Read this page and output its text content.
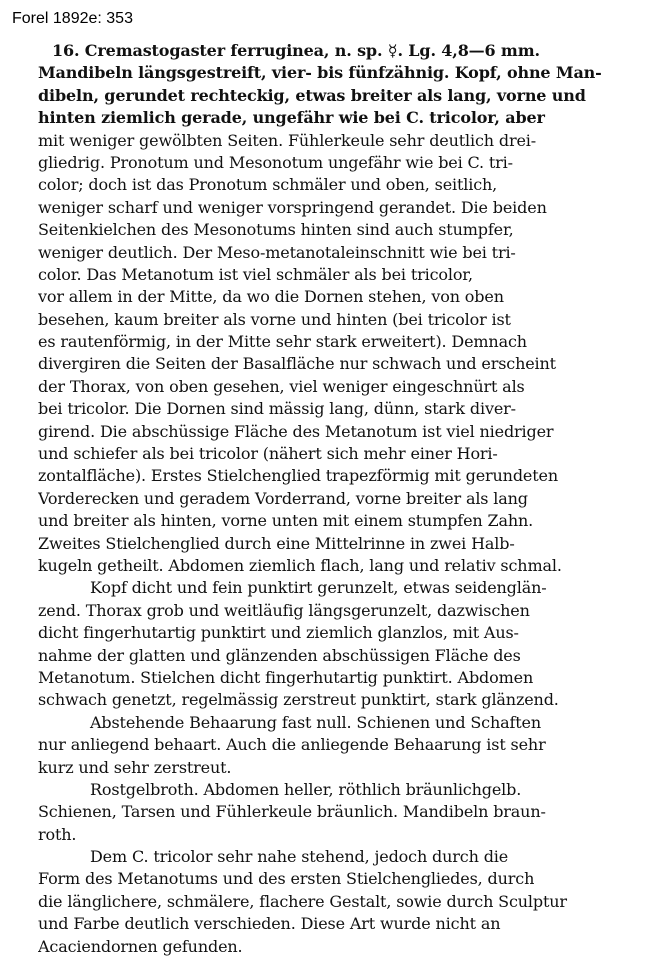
Forel 1892e: 353
16. Cremastogaster ferruginea, n. sp. ☿. Lg. 4,8—6 mm.
Mandibeln längsgestreift, vier- bis fünfzähnig. Kopf, ohne Man-
dibeln, gerundet rechteckig, etwas breiter als lang, vorne und
hinten ziemlich gerade, ungefähr wie bei C. tricolor, aber
mit weniger gewölbten Seiten. Fühlerkeule sehr deutlich drei-
gliedrig. Pronotum und Mesonotum ungefähr wie bei C. tri-
color; doch ist das Pronotum schmäler und oben, seitlich,
weniger scharf und weniger vorspringend gerandet. Die beiden
Seitenkielchen des Mesonotums hinten sind auch stumpfer,
weniger deutlich. Der Meso-metanotaleinschnitt wie bei tri-
color. Das Metanotum ist viel schmäler als bei tricolor,
vor allem in der Mitte, da wo die Dornen stehen, von oben
besehen, kaum breiter als vorne und hinten (bei tricolor ist
es rautenförmig, in der Mitte sehr stark erweitert). Demnach
divergiren die Seiten der Basalfläche nur schwach und erscheint
der Thorax, von oben gesehen, viel weniger eingeschnürt als
bei tricolor. Die Dornen sind mässig lang, dünn, stark diver-
girend. Die abschüssige Fläche des Metanotum ist viel niedriger
und schiefer als bei tricolor (nähert sich mehr einer Hori-
zontalfläche). Erstes Stielchenglied trapezförmig mit gerundeten
Vorderecken und geradem Vorderrand, vorne breiter als lang
und breiter als hinten, vorne unten mit einem stumpfen Zahn.
Zweites Stielchenglied durch eine Mittelrinne in zwei Halb-
kugeln getheilt. Abdomen ziemlich flach, lang und relativ schmal.
Kopf dicht und fein punktirt gerunzelt, etwas seidenglän-
zend. Thorax grob und weitläufig längsgerunzelt, dazwischen
dicht fingerhutartig punktirt und ziemlich glanzlos, mit Aus-
nahme der glatten und glänzenden abschüssigen Fläche des
Metanotum. Stielchen dicht fingerhutartig punktirt. Abdomen
schwach genetzt, regelmässig zerstreut punktirt, stark glänzend.
Abstehende Behaarung fast null. Schienen und Schaften
nur anliegend behaart. Auch die anliegende Behaarung ist sehr
kurz und sehr zerstreut.
Rostgelbroth. Abdomen heller, röthlich bräunlichgelb.
Schienen, Tarsen und Fühlerkeule bräunlich. Mandibeln braun-
roth.
Dem C. tricolor sehr nahe stehend, jedoch durch die
Form des Metanotums und des ersten Stielchengliedes, durch
die länglichere, schmälere, flachere Gestalt, sowie durch Sculptur
und Farbe deutlich verschieden. Diese Art wurde nicht an
Acaciendornen gefunden.
